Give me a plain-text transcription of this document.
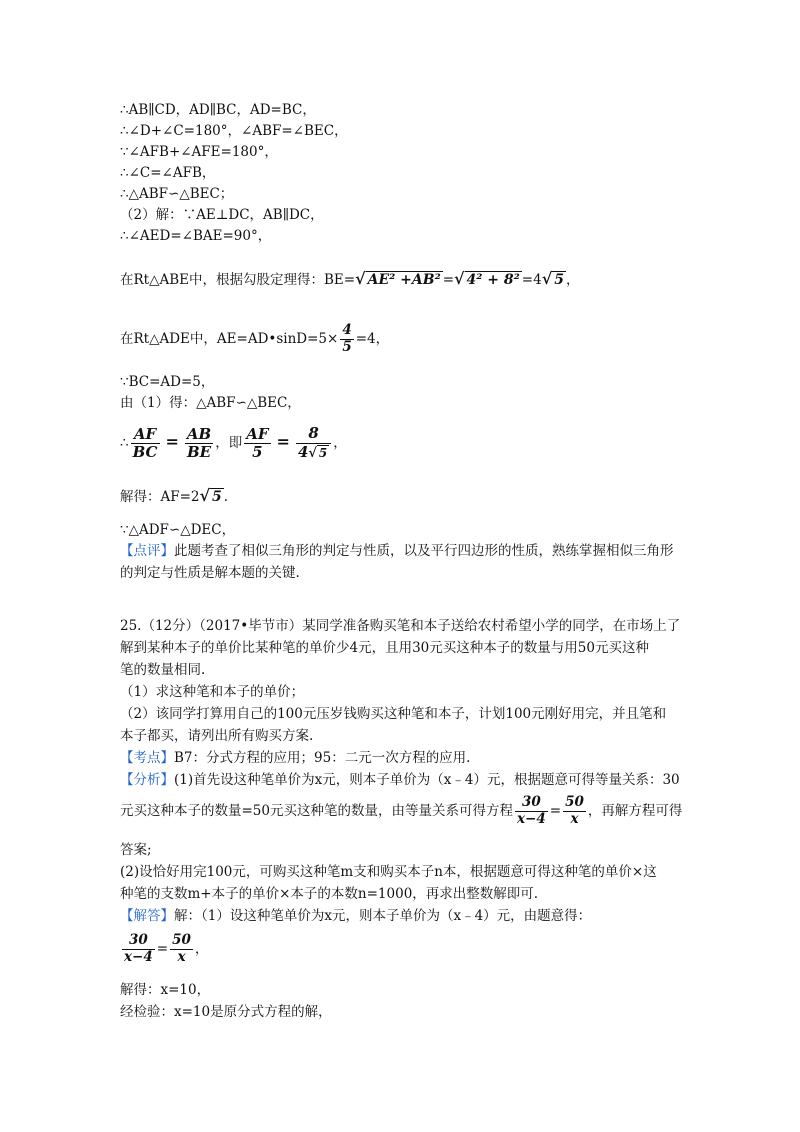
∴AB∥CD，AD∥BC，AD=BC，
∴∠D+∠C=180°，∠ABF=∠BEC，
∵∠AFB+∠AFE=180°，
∴∠C=∠AFB，
∴△ABF∽△BEC；
（2）解：∵AE⊥DC，AB∥DC，
∴∠AED=∠BAE=90°，
在Rt△ABE中，根据勾股定理得：BE=√ AE² +AB² =√ 4² + 8² =4√ 5 ，
在Rt△ADE中，AE=AD•sinD=5× $\frac{4}{5} =4$，
∵BC=AD=5，
由（1）得：△ABF∽△BEC，
∴ $\frac{AF}{BC} = \frac{AB}{BE}$ ，即 $\frac{AF}{5} = \frac{8}{4√ 5}$ ，
解得：AF=2√ 5 .
∵△ADF∽△DEC，
【点评】此题考查了相似三角形的判定与性质，以及平行四边形的性质，熟练掌握相似三角形
的判定与性质是解本题的关键.
25.（12分）（2017•毕节市）某同学准备购买笔和本子送给农村希望小学的同学，在市场上了
解到某种本子的单价比某种笔的单价少4元，且用30元买这种本子的数量与用50元买这种
笔的数量相同.
（1）求这种笔和本子的单价；
（2）该同学打算用自己的100元压岁钱购买这种笔和本子，计划100元刚好用完，并且笔和
本子都买，请列出所有购买方案.
【考点】B7：分式方程的应用；95：二元一次方程的应用.
【分析】(1)首先设这种笔单价为x元，则本子单价为（x﹣4）元，根据题意可得等量关系：30
元买这种本子的数量=50元买这种笔的数量，由等量关系可得方程 $\frac{30}{x-4} = \frac{50}{x}$ ，再解方程可得
答案;
(2)设恰好用完100元，可购买这种笔m支和购买本子n本，根据题意可得这种笔的单价×这
种笔的支数m+本子的单价×本子的本数n=1000，再求出整数解即可.
【解答】解：（1）设这种笔单价为x元，则本子单价为（x﹣4）元，由题意得：
$\frac{30}{x-4} = \frac{50}{x}$ ，
解得：x=10，
经检验：x=10是原分式方程的解，
